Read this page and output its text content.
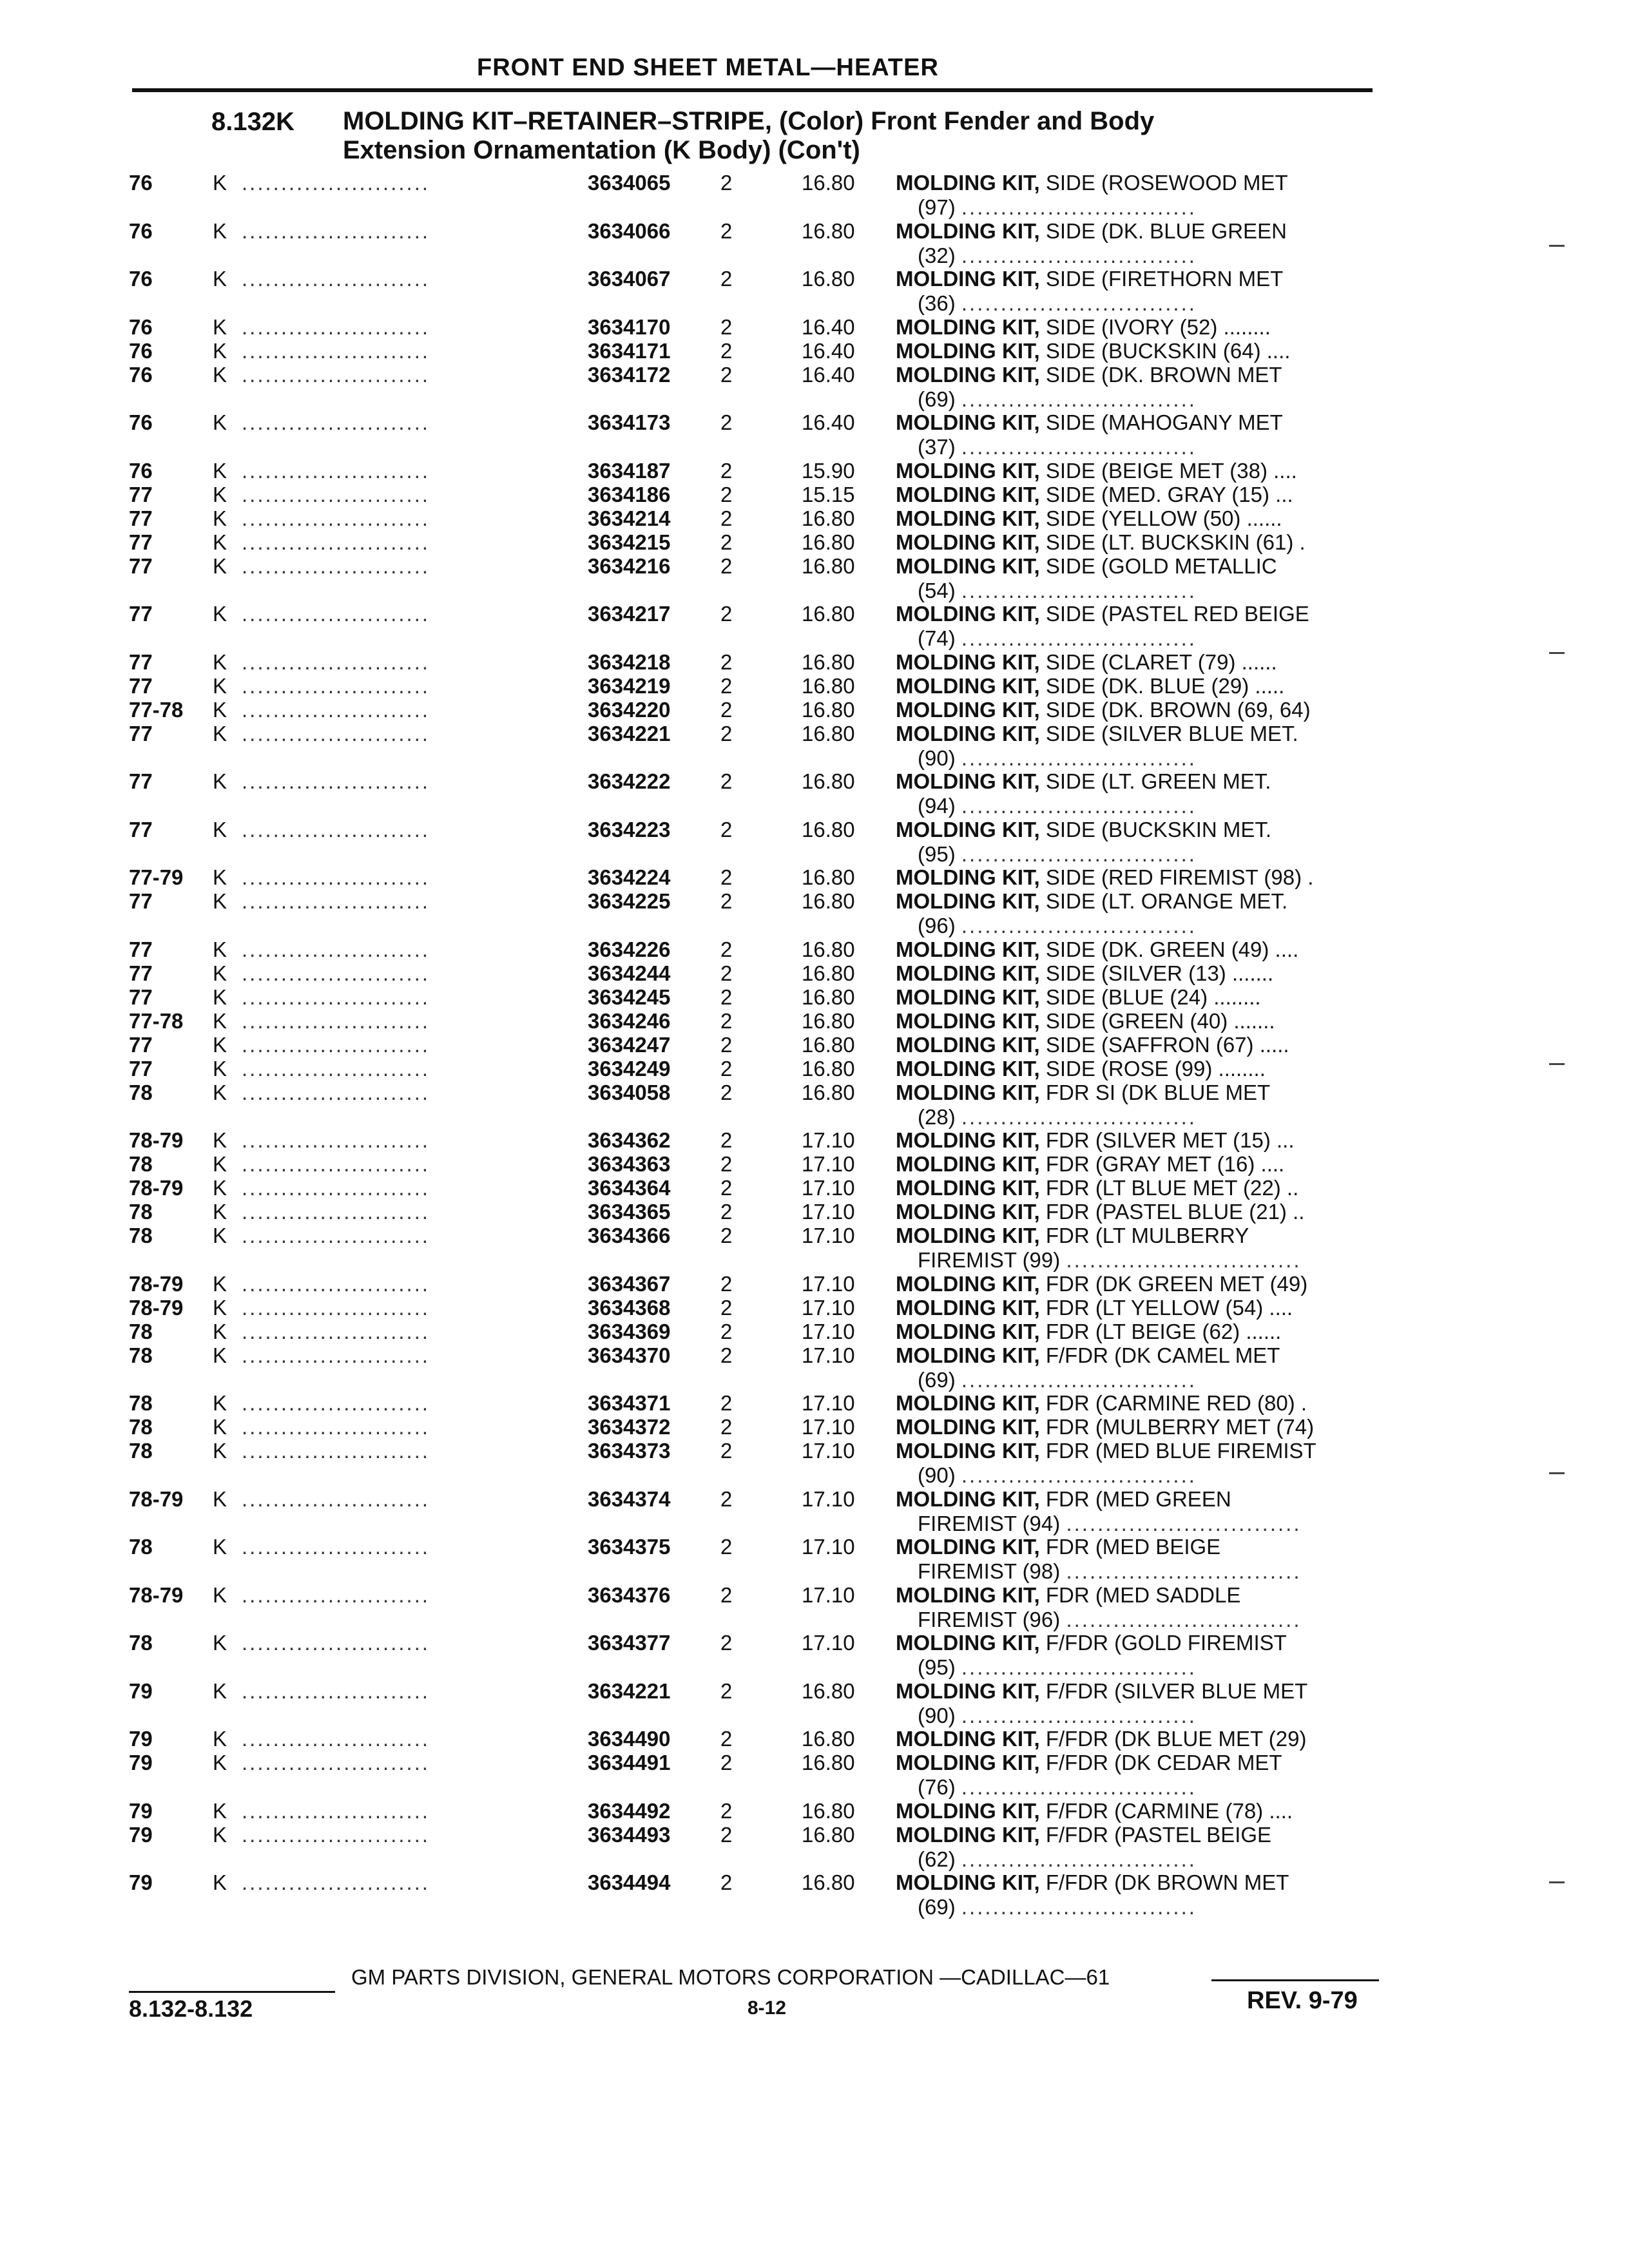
FRONT END SHEET METAL—HEATER
8.132K MOLDING KIT–RETAINER–STRIPE, (Color) Front Fender and Body
Extension Ornamentation (K Body) (Con't)
76	K ........................	3634065 2	16.80 MOLDING KIT, SIDE (ROSEWOOD MET
(97) ..............................
76	K ........................	3634066 2	16.80 MOLDING KIT, SIDE (DK. BLUE GREEN
(32) ..............................
76	K ........................	3634067 2	16.80 MOLDING KIT, SIDE (FIRETHORN MET
(36) ..............................
76	K ........................	3634170 2	16.40 MOLDING KIT, SIDE (IVORY (52) ........
76	K ........................	3634171 2	16.40 MOLDING KIT, SIDE (BUCKSKIN (64) ....
76	K ........................	3634172 2	16.40 MOLDING KIT, SIDE (DK. BROWN MET
(69) ..............................
76	K ........................	3634173 2	16.40 MOLDING KIT, SIDE (MAHOGANY MET
(37) ..............................
76	K ........................	3634187 2	15.90 MOLDING KIT, SIDE (BEIGE MET (38) ....
77	K ........................	3634186 2	15.15 MOLDING KIT, SIDE (MED. GRAY (15) ...
77	K ........................	3634214 2	16.80 MOLDING KIT, SIDE (YELLOW (50) ......
77	K ........................	3634215 2	16.80 MOLDING KIT, SIDE (LT. BUCKSKIN (61) .
77	K ........................	3634216 2	16.80 MOLDING KIT, SIDE (GOLD METALLIC
(54) ..............................
77	K ........................	3634217 2	16.80 MOLDING KIT, SIDE (PASTEL RED BEIGE
(74) ..............................
77	K ........................	3634218 2	16.80 MOLDING KIT, SIDE (CLARET (79) ......
77	K ........................	3634219 2	16.80 MOLDING KIT, SIDE (DK. BLUE (29) .....
77-78 K ........................	3634220 2	16.80 MOLDING KIT, SIDE (DK. BROWN (69, 64)
77	K ........................	3634221 2	16.80 MOLDING KIT, SIDE (SILVER BLUE MET.
(90) ..............................
77	K ........................	3634222 2	16.80 MOLDING KIT, SIDE (LT. GREEN MET.
(94) ..............................
77	K ........................	3634223 2	16.80 MOLDING KIT, SIDE (BUCKSKIN MET.
(95) ..............................
77-79 K ........................	3634224 2	16.80 MOLDING KIT, SIDE (RED FIREMIST (98) .
77	K ........................	3634225 2	16.80 MOLDING KIT, SIDE (LT. ORANGE MET.
(96) ..............................
77	K ........................	3634226 2	16.80 MOLDING KIT, SIDE (DK. GREEN (49) ....
77	K ........................	3634244 2	16.80 MOLDING KIT, SIDE (SILVER (13) .......
77	K ........................	3634245 2	16.80 MOLDING KIT, SIDE (BLUE (24) ........
77-78 K ........................	3634246 2	16.80 MOLDING KIT, SIDE (GREEN (40) .......
77	K ........................	3634247 2	16.80 MOLDING KIT, SIDE (SAFFRON (67) .....
77	K ........................	3634249 2	16.80 MOLDING KIT, SIDE (ROSE (99) ........
78	K ........................	3634058 2	16.80 MOLDING KIT, FDR SI (DK BLUE MET
(28) ..............................
78-79 K ........................	3634362 2	17.10 MOLDING KIT, FDR (SILVER MET (15) ...
78	K ........................	3634363 2	17.10 MOLDING KIT, FDR (GRAY MET (16) ....
78-79 K ........................	3634364 2	17.10 MOLDING KIT, FDR (LT BLUE MET (22) ..
78	K ........................	3634365 2	17.10 MOLDING KIT, FDR (PASTEL BLUE (21) ..
78	K ........................	3634366 2	17.10 MOLDING KIT, FDR (LT MULBERRY
FIREMIST (99) ..............................
78-79 K ........................	3634367 2	17.10 MOLDING KIT, FDR (DK GREEN MET (49)
78-79 K ........................	3634368 2	17.10 MOLDING KIT, FDR (LT YELLOW (54) ....
78	K ........................	3634369 2	17.10 MOLDING KIT, FDR (LT BEIGE (62) ......
78	K ........................	3634370 2	17.10 MOLDING KIT, F/FDR (DK CAMEL MET
(69) ..............................
78	K ........................	3634371 2	17.10 MOLDING KIT, FDR (CARMINE RED (80) .
78	K ........................	3634372 2	17.10 MOLDING KIT, FDR (MULBERRY MET (74)
78	K ........................	3634373 2	17.10 MOLDING KIT, FDR (MED BLUE FIREMIST
(90) ..............................
78-79 K ........................	3634374 2	17.10 MOLDING KIT, FDR (MED GREEN
FIREMIST (94) ..............................
78	K ........................	3634375 2	17.10 MOLDING KIT, FDR (MED BEIGE
FIREMIST (98) ..............................
78-79 K ........................	3634376 2	17.10 MOLDING KIT, FDR (MED SADDLE
FIREMIST (96) ..............................
78	K ........................	3634377 2	17.10 MOLDING KIT, F/FDR (GOLD FIREMIST
(95) ..............................
79	K ........................	3634221 2	16.80 MOLDING KIT, F/FDR (SILVER BLUE MET
(90) ..............................
79	K ........................	3634490 2	16.80 MOLDING KIT, F/FDR (DK BLUE MET (29)
79	K ........................	3634491 2	16.80 MOLDING KIT, F/FDR (DK CEDAR MET
(76) ..............................
79	K ........................	3634492 2	16.80 MOLDING KIT, F/FDR (CARMINE (78) ....
79	K ........................	3634493 2	16.80 MOLDING KIT, F/FDR (PASTEL BEIGE
(62) ..............................
79	K ........................	3634494 2	16.80 MOLDING KIT, F/FDR (DK BROWN MET
(69) ..............................
GM PARTS DIVISION, GENERAL MOTORS CORPORATION —CADILLAC—61
8.132-8.132	8-12	REV. 9-79
